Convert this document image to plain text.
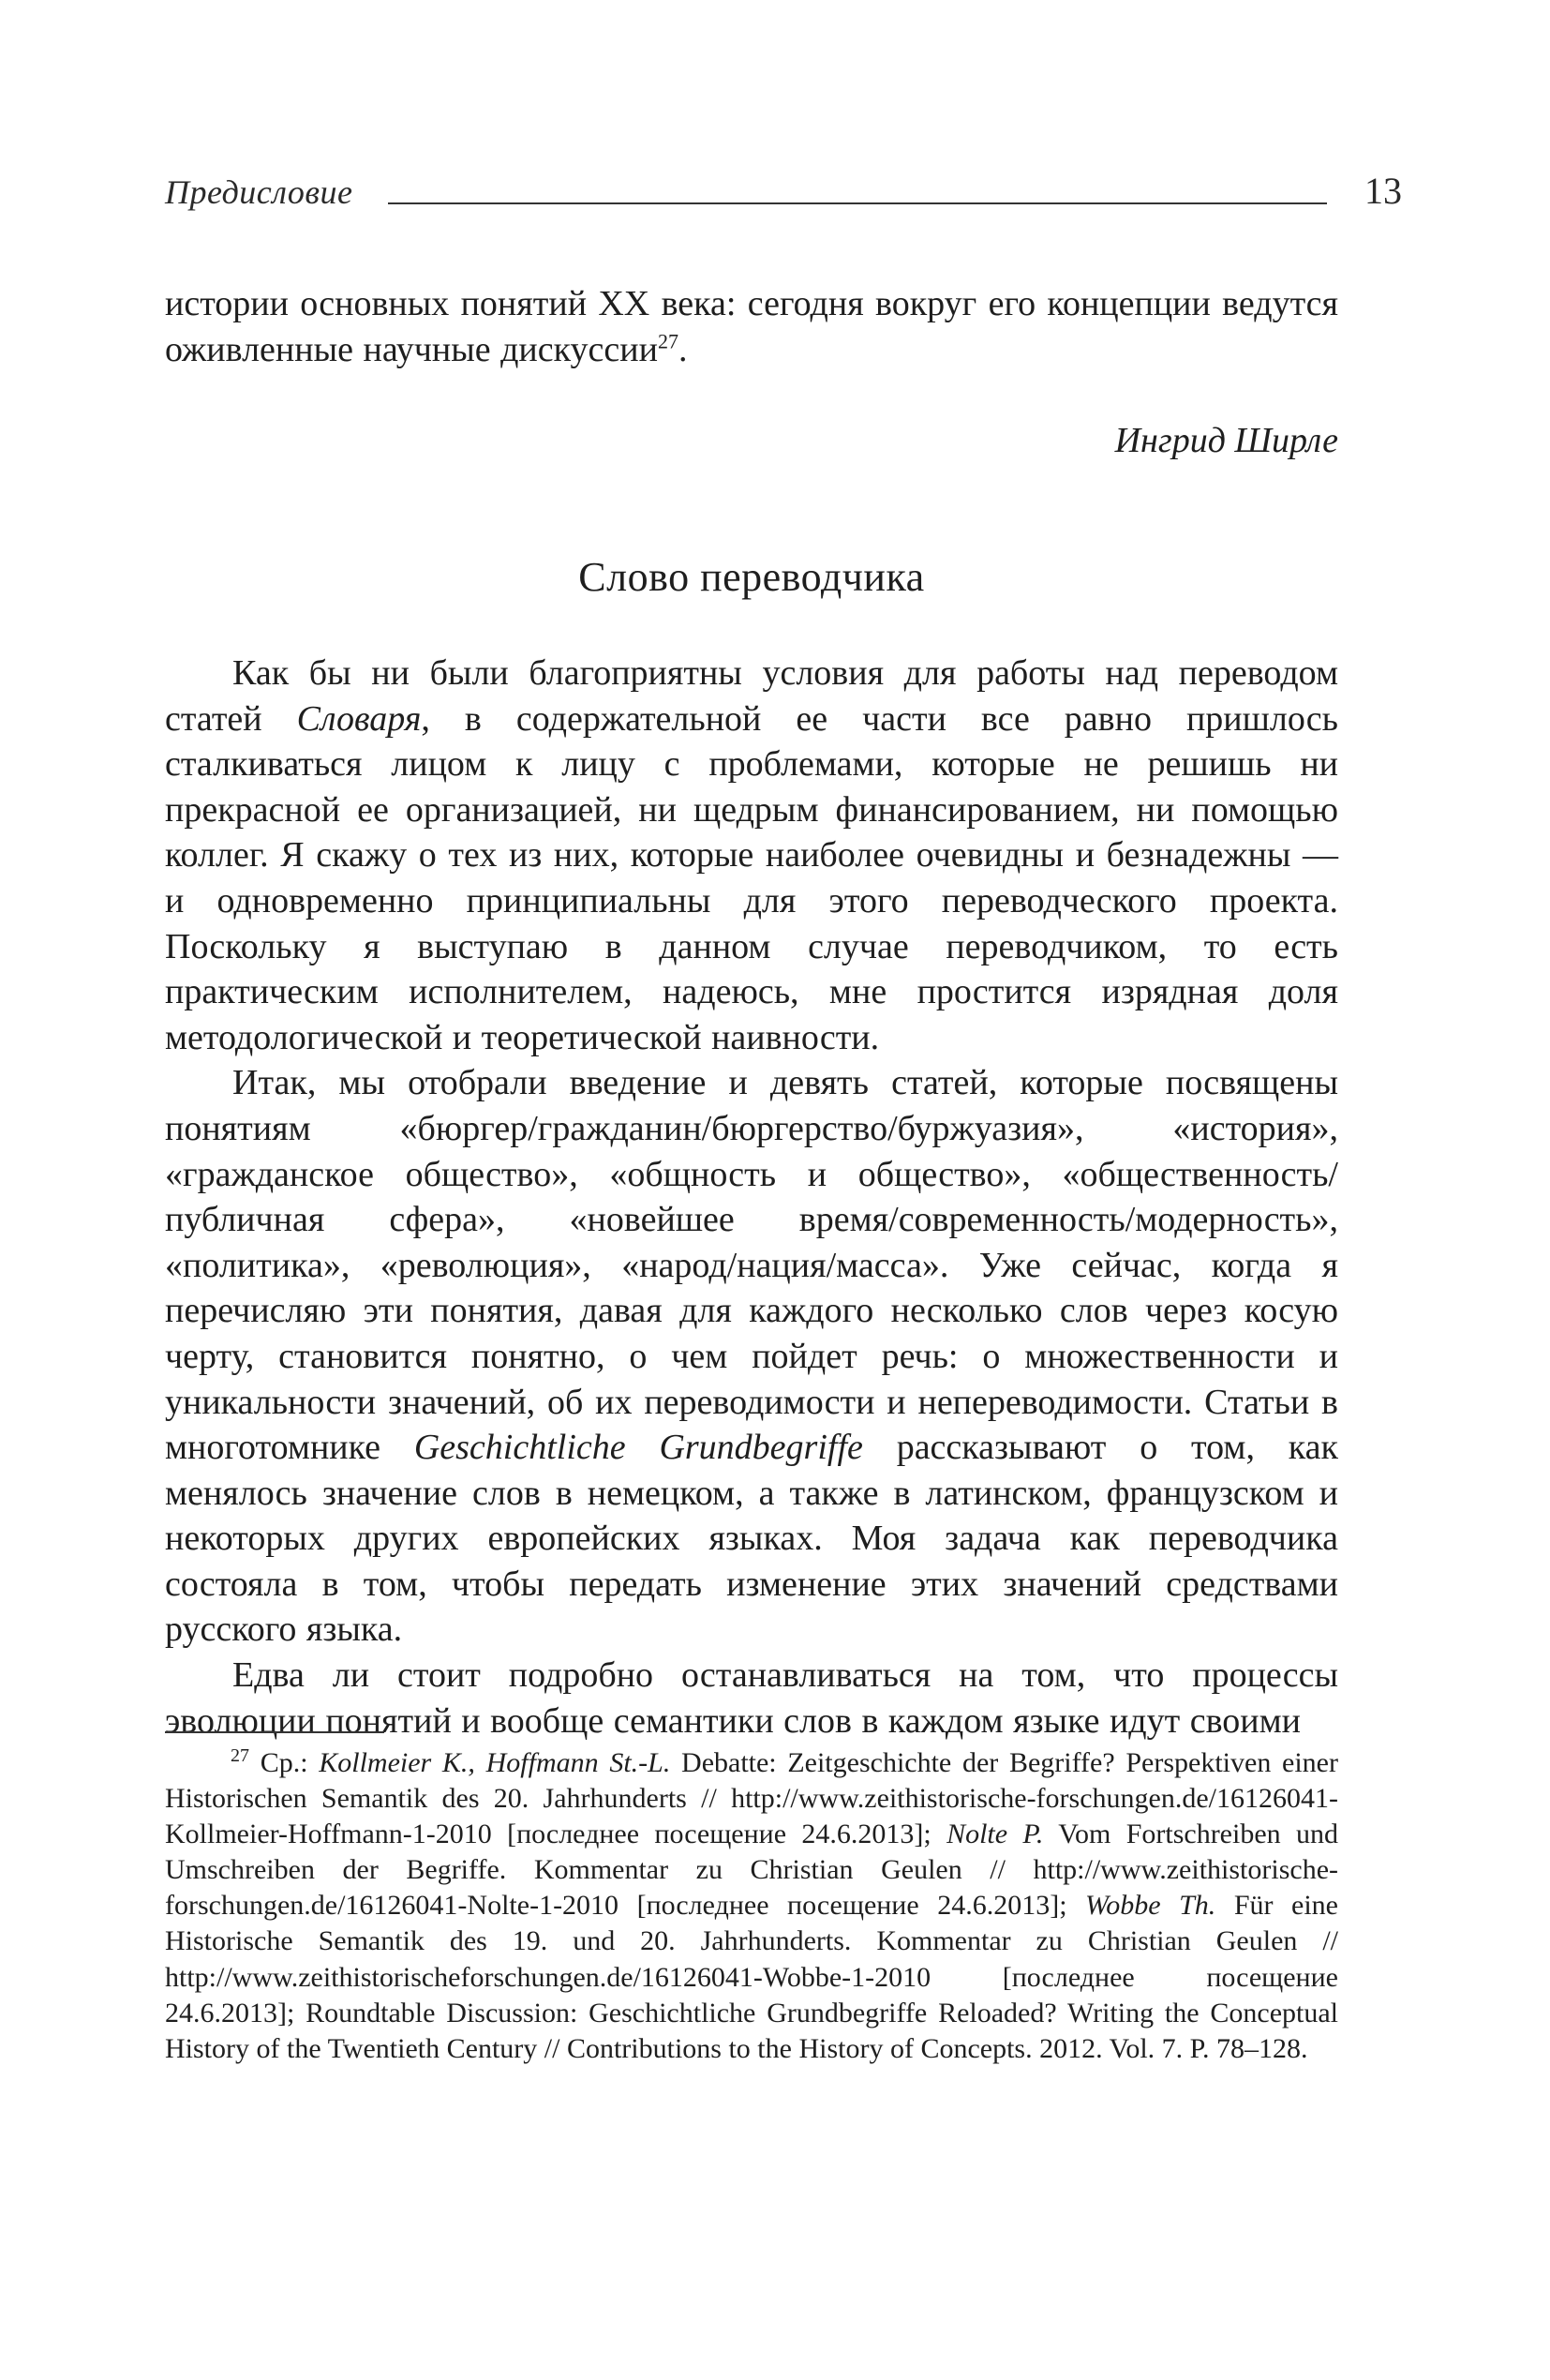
Предисловие	13

истории основных понятий XX века: сегодня вокруг его концепции ведутся оживленные научные дискуссии$^{27}$.

Ингрид Ширле
Слово переводчика

Как бы ни были благоприятны условия для работы над переводом статей Словаря, в содержательной ее части все равно пришлось сталкиваться лицом к лицу с проблемами, которые не решишь ни прекрасной ее организацией, ни щедрым финансированием, ни помощью коллег. Я скажу о тех из них, которые наиболее очевидны и безнадежны — и одновременно принципиальны для этого переводческого проекта. Поскольку я выступаю в данном случае переводчиком, то есть практическим исполнителем, надеюсь, мне простится изрядная доля методологической и теоретической наивности.

Итак, мы отобрали введение и девять статей, которые посвящены понятиям «бюргер/гражданин/бюргерство/буржуазия», «история», «гражданское общество», «общность и общество», «общественность/публичная сфера», «новейшее время/современность/модерность», «политика», «революция», «народ/нация/масса». Уже сейчас, когда я перечисляю эти понятия, давая для каждого несколько слов через косую черту, становится понятно, о чем пойдет речь: о множественности и уникальности значений, об их переводимости и непереводимости. Статьи в многотомнике Geschichtliche Grundbegriffe рассказывают о том, как менялось значение слов в немецком, а также в латинском, французском и некоторых других европейских языках. Моя задача как переводчика состояла в том, чтобы передать изменение этих значений средствами русского языка.

Едва ли стоит подробно останавливаться на том, что процессы эволюции понятий и вообще семантики слов в каждом языке идут своими

$^{27}$ Ср.: Kollmeier K., Hoffmann St.-L. Debatte: Zeitgeschichte der Begriffe? Perspektiven einer Historischen Semantik des 20. Jahrhunderts // http://www.zeithistorische-forschungen.de/16126041-Kollmeier-Hoffmann-1-2010 [последнее посещение 24.6.2013]; Nolte P. Vom Fortschreiben und Umschreiben der Begriffe. Kommentar zu Christian Geulen // http://www.zeithistorische-forschungen.de/16126041-Nolte-1-2010 [последнее посещение 24.6.2013]; Wobbe Th. Für eine Historische Semantik des 19. und 20. Jahrhunderts. Kommentar zu Christian Geulen // http://www.zeithistorischeforschungen.de/16126041-Wobbe-1-2010 [последнее посещение 24.6.2013]; Roundtable Discussion: Geschichtliche Grundbegriffe Reloaded? Writing the Conceptual History of the Twentieth Century // Contributions to the History of Concepts. 2012. Vol. 7. P. 78–128.
